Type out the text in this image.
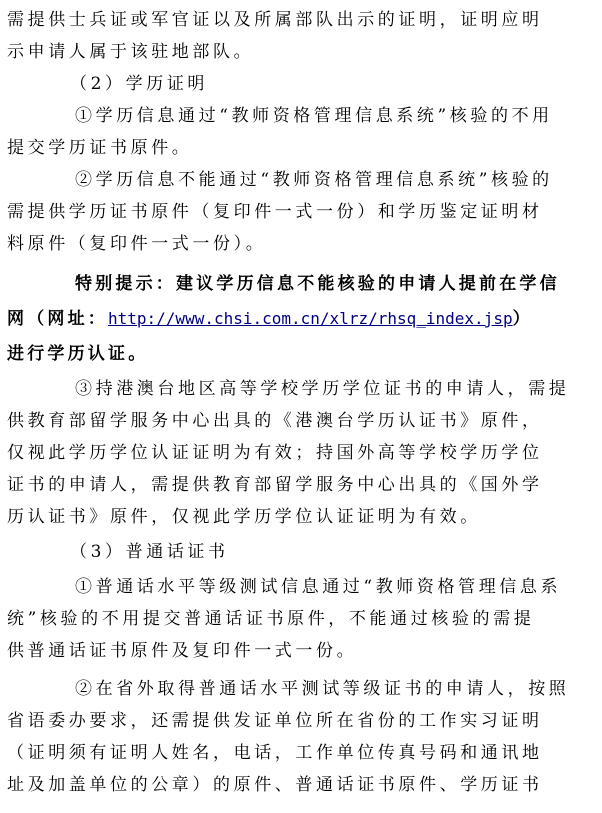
需提供士兵证或军官证以及所属部队出示的证明，证明应明
示申请人属于该驻地部队。
（2）学历证明
①学历信息通过“教师资格管理信息系统”核验的不用
提交学历证书原件。
②学历信息不能通过“教师资格管理信息系统”核验的
需提供学历证书原件（复印件一式一份）和学历鉴定证明材
料原件（复印件一式一份）。
特别提示：建议学历信息不能核验的申请人提前在学信
网（网址：http://www.chsi.com.cn/xlrz/rhsq_index.jsp）
进行学历认证。
③持港澳台地区高等学校学历学位证书的申请人，需提
供教育部留学服务中心出具的《港澳台学历认证书》原件，
仅视此学历学位认证证明为有效；持国外高等学校学历学位
证书的申请人，需提供教育部留学服务中心出具的《国外学
历认证书》原件，仅视此学历学位认证证明为有效。
（3）普通话证书
①普通话水平等级测试信息通过“教师资格管理信息系
统”核验的不用提交普通话证书原件，不能通过核验的需提
供普通话证书原件及复印件一式一份。
②在省外取得普通话水平测试等级证书的申请人，按照
省语委办要求，还需提供发证单位所在省份的工作实习证明
（证明须有证明人姓名，电话，工作单位传真号码和通讯地
址及加盖单位的公章）的原件、普通话证书原件、学历证书
